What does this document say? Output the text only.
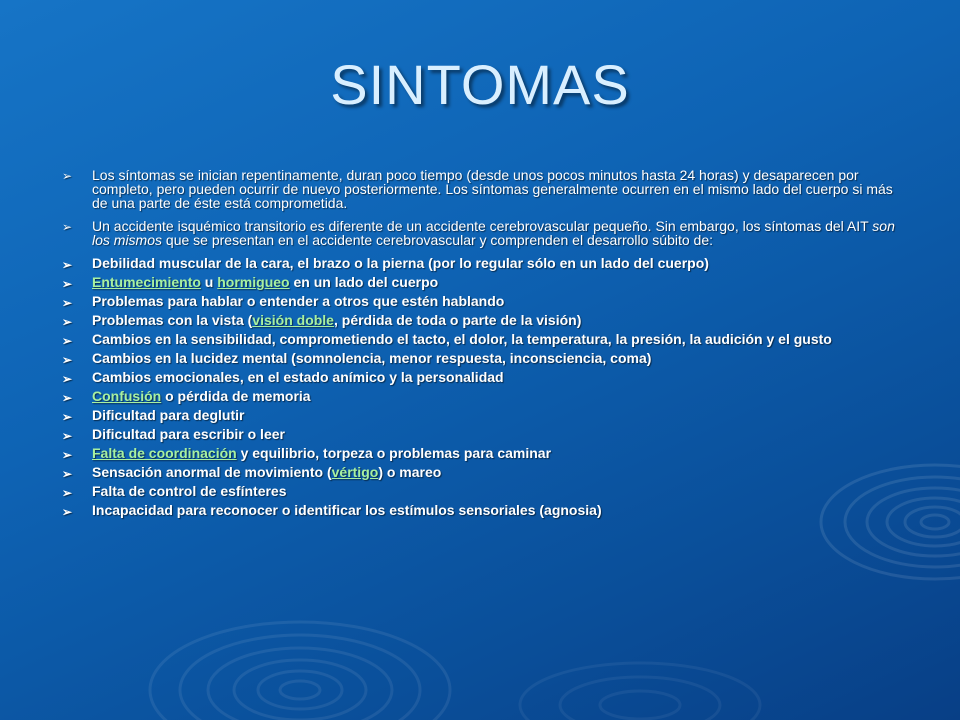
SINTOMAS
➢ Los síntomas se inician repentinamente, duran poco tiempo (desde unos pocos minutos hasta 24 horas) y desaparecen por completo, pero pueden ocurrir de nuevo posteriormente. Los síntomas generalmente ocurren en el mismo lado del cuerpo si más de una parte de éste está comprometida.
➢ Un accidente isquémico transitorio es diferente de un accidente cerebrovascular pequeño. Sin embargo, los síntomas del AIT son los mismos que se presentan en el accidente cerebrovascular y comprenden el desarrollo súbito de:
➢ Debilidad muscular de la cara, el brazo o la pierna (por lo regular sólo en un lado del cuerpo)
➢ Entumecimiento u hormigueo en un lado del cuerpo
➢ Problemas para hablar o entender a otros que estén hablando
➢ Problemas con la vista (visión doble, pérdida de toda o parte de la visión)
➢ Cambios en la sensibilidad, comprometiendo el tacto, el dolor, la temperatura, la presión, la audición y el gusto
➢ Cambios en la lucidez mental (somnolencia, menor respuesta, inconsciencia, coma)
➢ Cambios emocionales, en el estado anímico y la personalidad
➢ Confusión o pérdida de memoria
➢ Dificultad para deglutir
➢ Dificultad para escribir o leer
➢ Falta de coordinación y equilibrio, torpeza o problemas para caminar
➢ Sensación anormal de movimiento (vértigo) o mareo
➢ Falta de control de esfínteres
➢ Incapacidad para reconocer o identificar los estímulos sensoriales (agnosia)
